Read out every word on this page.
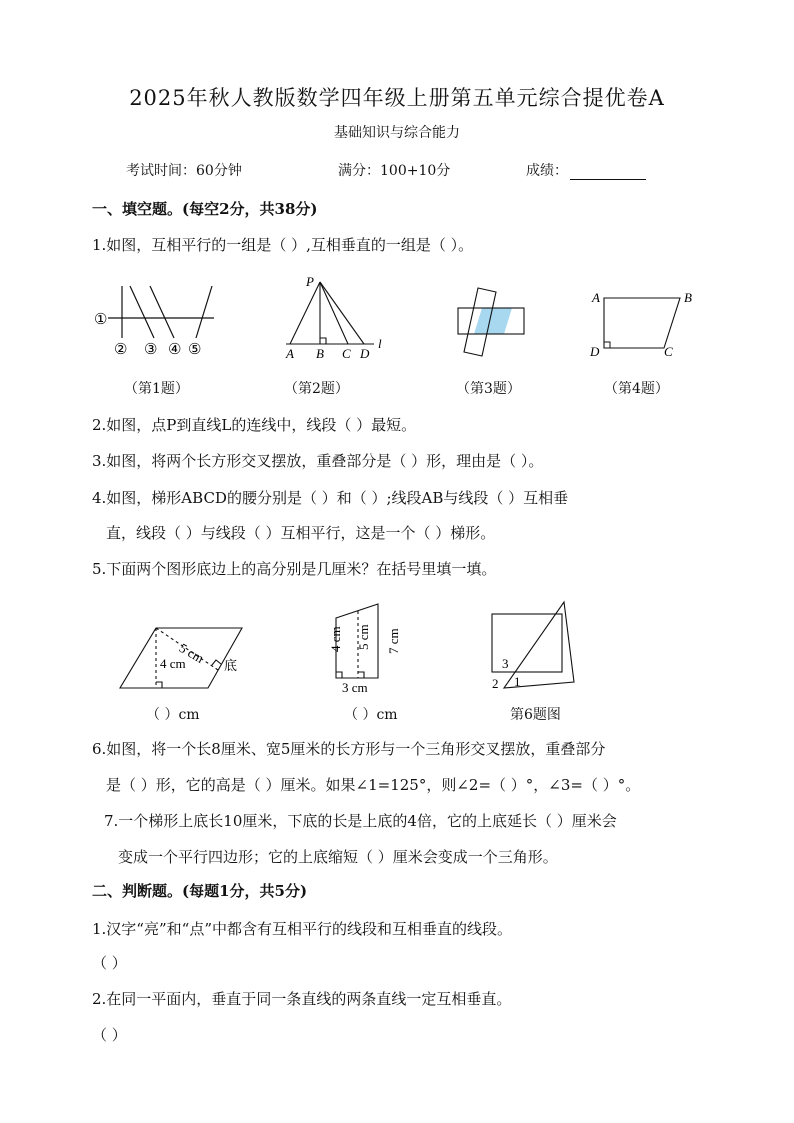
2025年秋人教版数学四年级上册第五单元综合提优卷A
基础知识与综合能力
考试时间：60分钟	满分：100+10分	成绩：
一、填空题。(每空2分，共38分)
1.如图，互相平行的一组是（ ）,互相垂直的一组是（ ）。
①
② ③ ④ ⑤
P
A B C D
l
A	B
D	C
（第1题）	（第2题）	（第3题）	（第4题）
2.如图，点P到直线L的连线中，线段（ ）最短。
3.如图，将两个长方形交叉摆放，重叠部分是（ ）形，理由是（ ）。
4.如图，梯形ABCD的腰分别是（ ）和（ ）;线段AB与线段（ ）互相垂
直，线段（ ）与线段（ ）互相平行，这是一个（ ）梯形。
5.下面两个图形底边上的高分别是几厘米？在括号里填一填。
5 cm
4 cm	底
4 cm 5 cm 7 cm
3 cm
3
2 1
（ ）cm	（ ）cm	第6题图
6.如图，将一个长8厘米、宽5厘米的长方形与一个三角形交叉摆放，重叠部分
是（ ）形，它的高是（ ）厘米。如果∠1=125°，则∠2=（ ）°，∠3=（ ）°。
7.一个梯形上底长10厘米，下底的长是上底的4倍，它的上底延长（ ）厘米会
变成一个平行四边形；它的上底缩短（ ）厘米会变成一个三角形。
二、判断题。(每题1分，共5分)
1.汉字“亮”和“点”中都含有互相平行的线段和互相垂直的线段。
（ ）
2.在同一平面内，垂直于同一条直线的两条直线一定互相垂直。
（ ）
